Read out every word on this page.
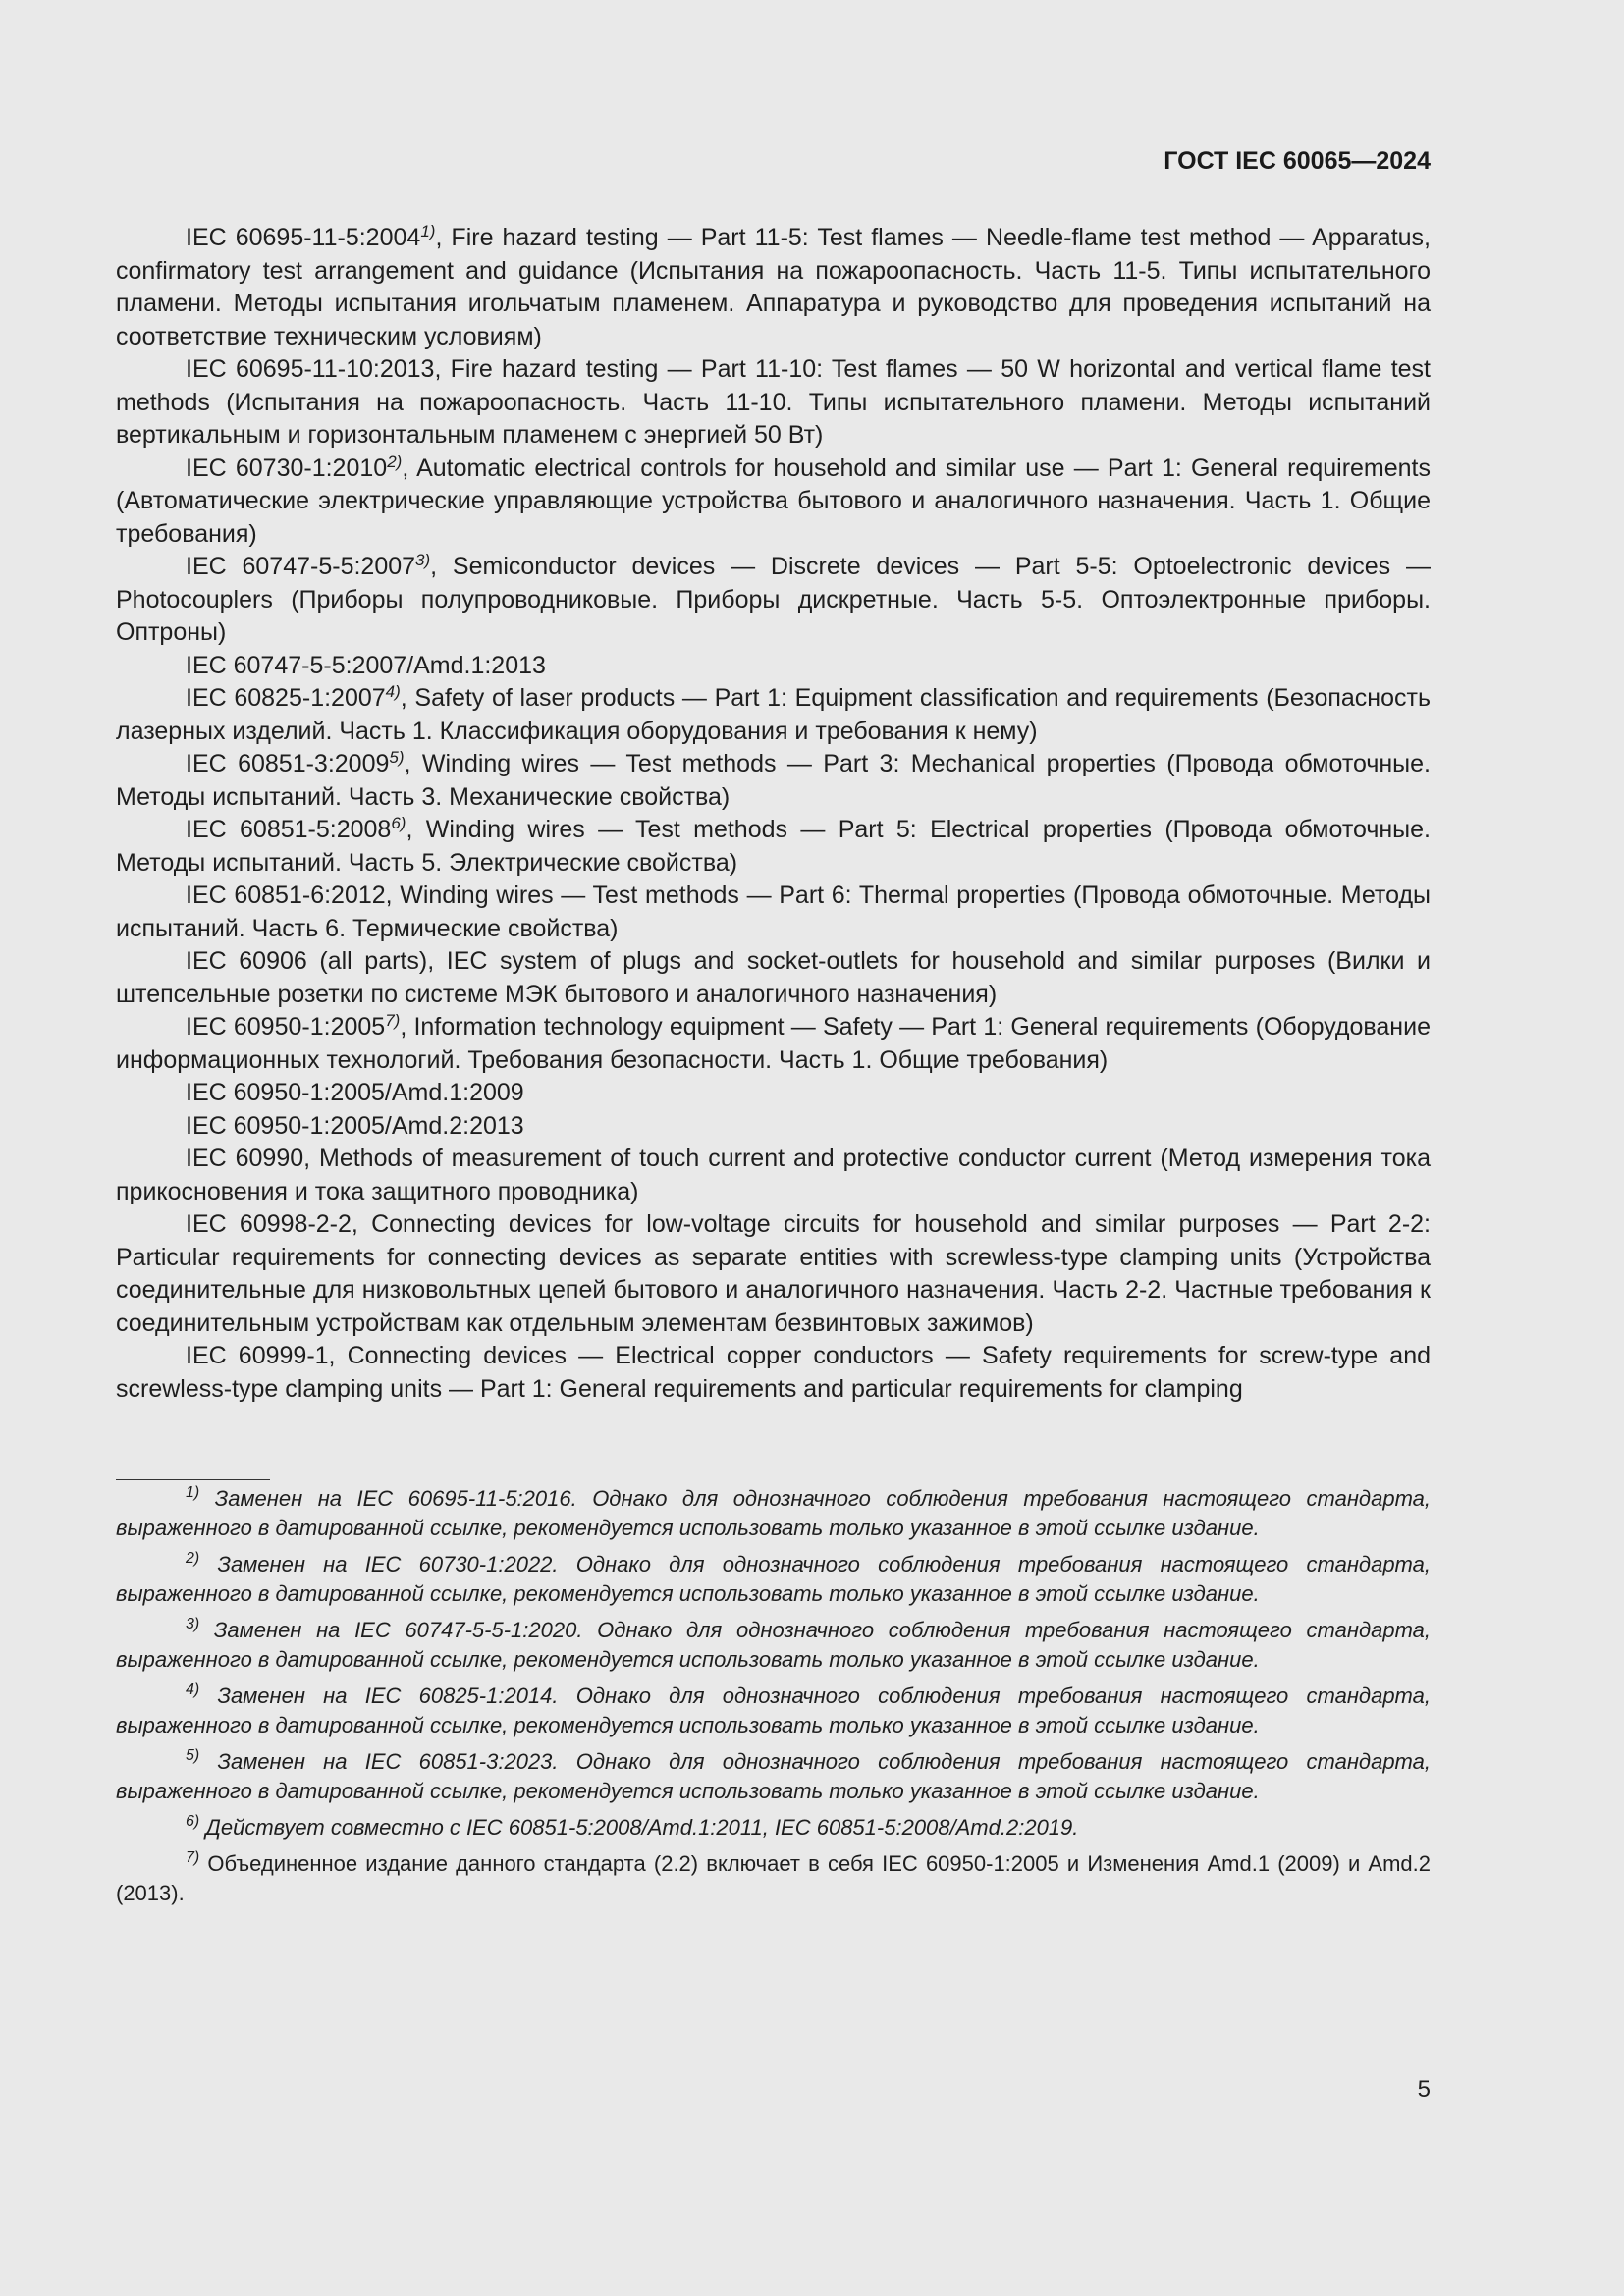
ГОСТ IEC 60065—2024

IEC 60695-11-5:2004$^{1)}$, Fire hazard testing — Part 11-5: Test flames — Needle-flame test method — Apparatus, confirmatory test arrangement and guidance (Испытания на пожароопасность. Часть 11-5. Типы испытательного пламени. Методы испытания игольчатым пламенем. Аппаратура и руководство для проведения испытаний на соответствие техническим условиям)

IEC 60695-11-10:2013, Fire hazard testing — Part 11-10: Test flames — 50 W horizontal and vertical flame test methods (Испытания на пожароопасность. Часть 11-10. Типы испытательного пламени. Методы испытаний вертикальным и горизонтальным пламенем с энергией 50 Вт)

IEC 60730-1:2010$^{2)}$, Automatic electrical controls for household and similar use — Part 1: General requirements (Автоматические электрические управляющие устройства бытового и аналогичного назначения. Часть 1. Общие требования)

IEC 60747-5-5:2007$^{3)}$, Semiconductor devices — Discrete devices — Part 5-5: Optoelectronic devices — Photocouplers (Приборы полупроводниковые. Приборы дискретные. Часть 5-5. Оптоэлектронные приборы. Оптроны)

IEC 60747-5-5:2007/Amd.1:2013

IEC 60825-1:2007$^{4)}$, Safety of laser products — Part 1: Equipment classification and requirements (Безопасность лазерных изделий. Часть 1. Классификация оборудования и требования к нему)

IEC 60851-3:2009$^{5)}$, Winding wires — Test methods — Part 3: Mechanical properties (Провода обмоточные. Методы испытаний. Часть 3. Механические свойства)

IEC 60851-5:2008$^{6)}$, Winding wires — Test methods — Part 5: Electrical properties (Провода обмоточные. Методы испытаний. Часть 5. Электрические свойства)

IEC 60851-6:2012, Winding wires — Test methods — Part 6: Thermal properties (Провода обмоточные. Методы испытаний. Часть 6. Термические свойства)

IEC 60906 (all parts), IEC system of plugs and socket-outlets for household and similar purposes (Вилки и штепсельные розетки по системе МЭК бытового и аналогичного назначения)

IEC 60950-1:2005$^{7)}$, Information technology equipment — Safety — Part 1: General requirements (Оборудование информационных технологий. Требования безопасности. Часть 1. Общие требования)

IEC 60950-1:2005/Amd.1:2009

IEC 60950-1:2005/Amd.2:2013

IEC 60990, Methods of measurement of touch current and protective conductor current (Метод измерения тока прикосновения и тока защитного проводника)

IEC 60998-2-2, Connecting devices for low-voltage circuits for household and similar purposes — Part 2-2: Particular requirements for connecting devices as separate entities with screwless-type clamping units (Устройства соединительные для низковольтных цепей бытового и аналогичного назначения. Часть 2-2. Частные требования к соединительным устройствам как отдельным элементам безвинтовых зажимов)

IEC 60999-1, Connecting devices — Electrical copper conductors — Safety requirements for screw-type and screwless-type clamping units — Part 1: General requirements and particular requirements for clamping

$^{1)}$ Заменен на IEC 60695-11-5:2016. Однако для однозначного соблюдения требования настоящего стандарта, выраженного в датированной ссылке, рекомендуется использовать только указанное в этой ссылке издание.

$^{2)}$ Заменен на IEC 60730-1:2022. Однако для однозначного соблюдения требования настоящего стандарта, выраженного в датированной ссылке, рекомендуется использовать только указанное в этой ссылке издание.

$^{3)}$ Заменен на IEC 60747-5-5-1:2020. Однако для однозначного соблюдения требования настоящего стандарта, выраженного в датированной ссылке, рекомендуется использовать только указанное в этой ссылке издание.

$^{4)}$ Заменен на IEC 60825-1:2014. Однако для однозначного соблюдения требования настоящего стандарта, выраженного в датированной ссылке, рекомендуется использовать только указанное в этой ссылке издание.

$^{5)}$ Заменен на IEC 60851-3:2023. Однако для однозначного соблюдения требования настоящего стандарта, выраженного в датированной ссылке, рекомендуется использовать только указанное в этой ссылке издание.

$^{6)}$ Действует совместно с IEC 60851-5:2008/Amd.1:2011, IEC 60851-5:2008/Amd.2:2019.

$^{7)}$ Объединенное издание данного стандарта (2.2) включает в себя IEC 60950-1:2005 и Изменения Amd.1 (2009) и Amd.2 (2013).

5
